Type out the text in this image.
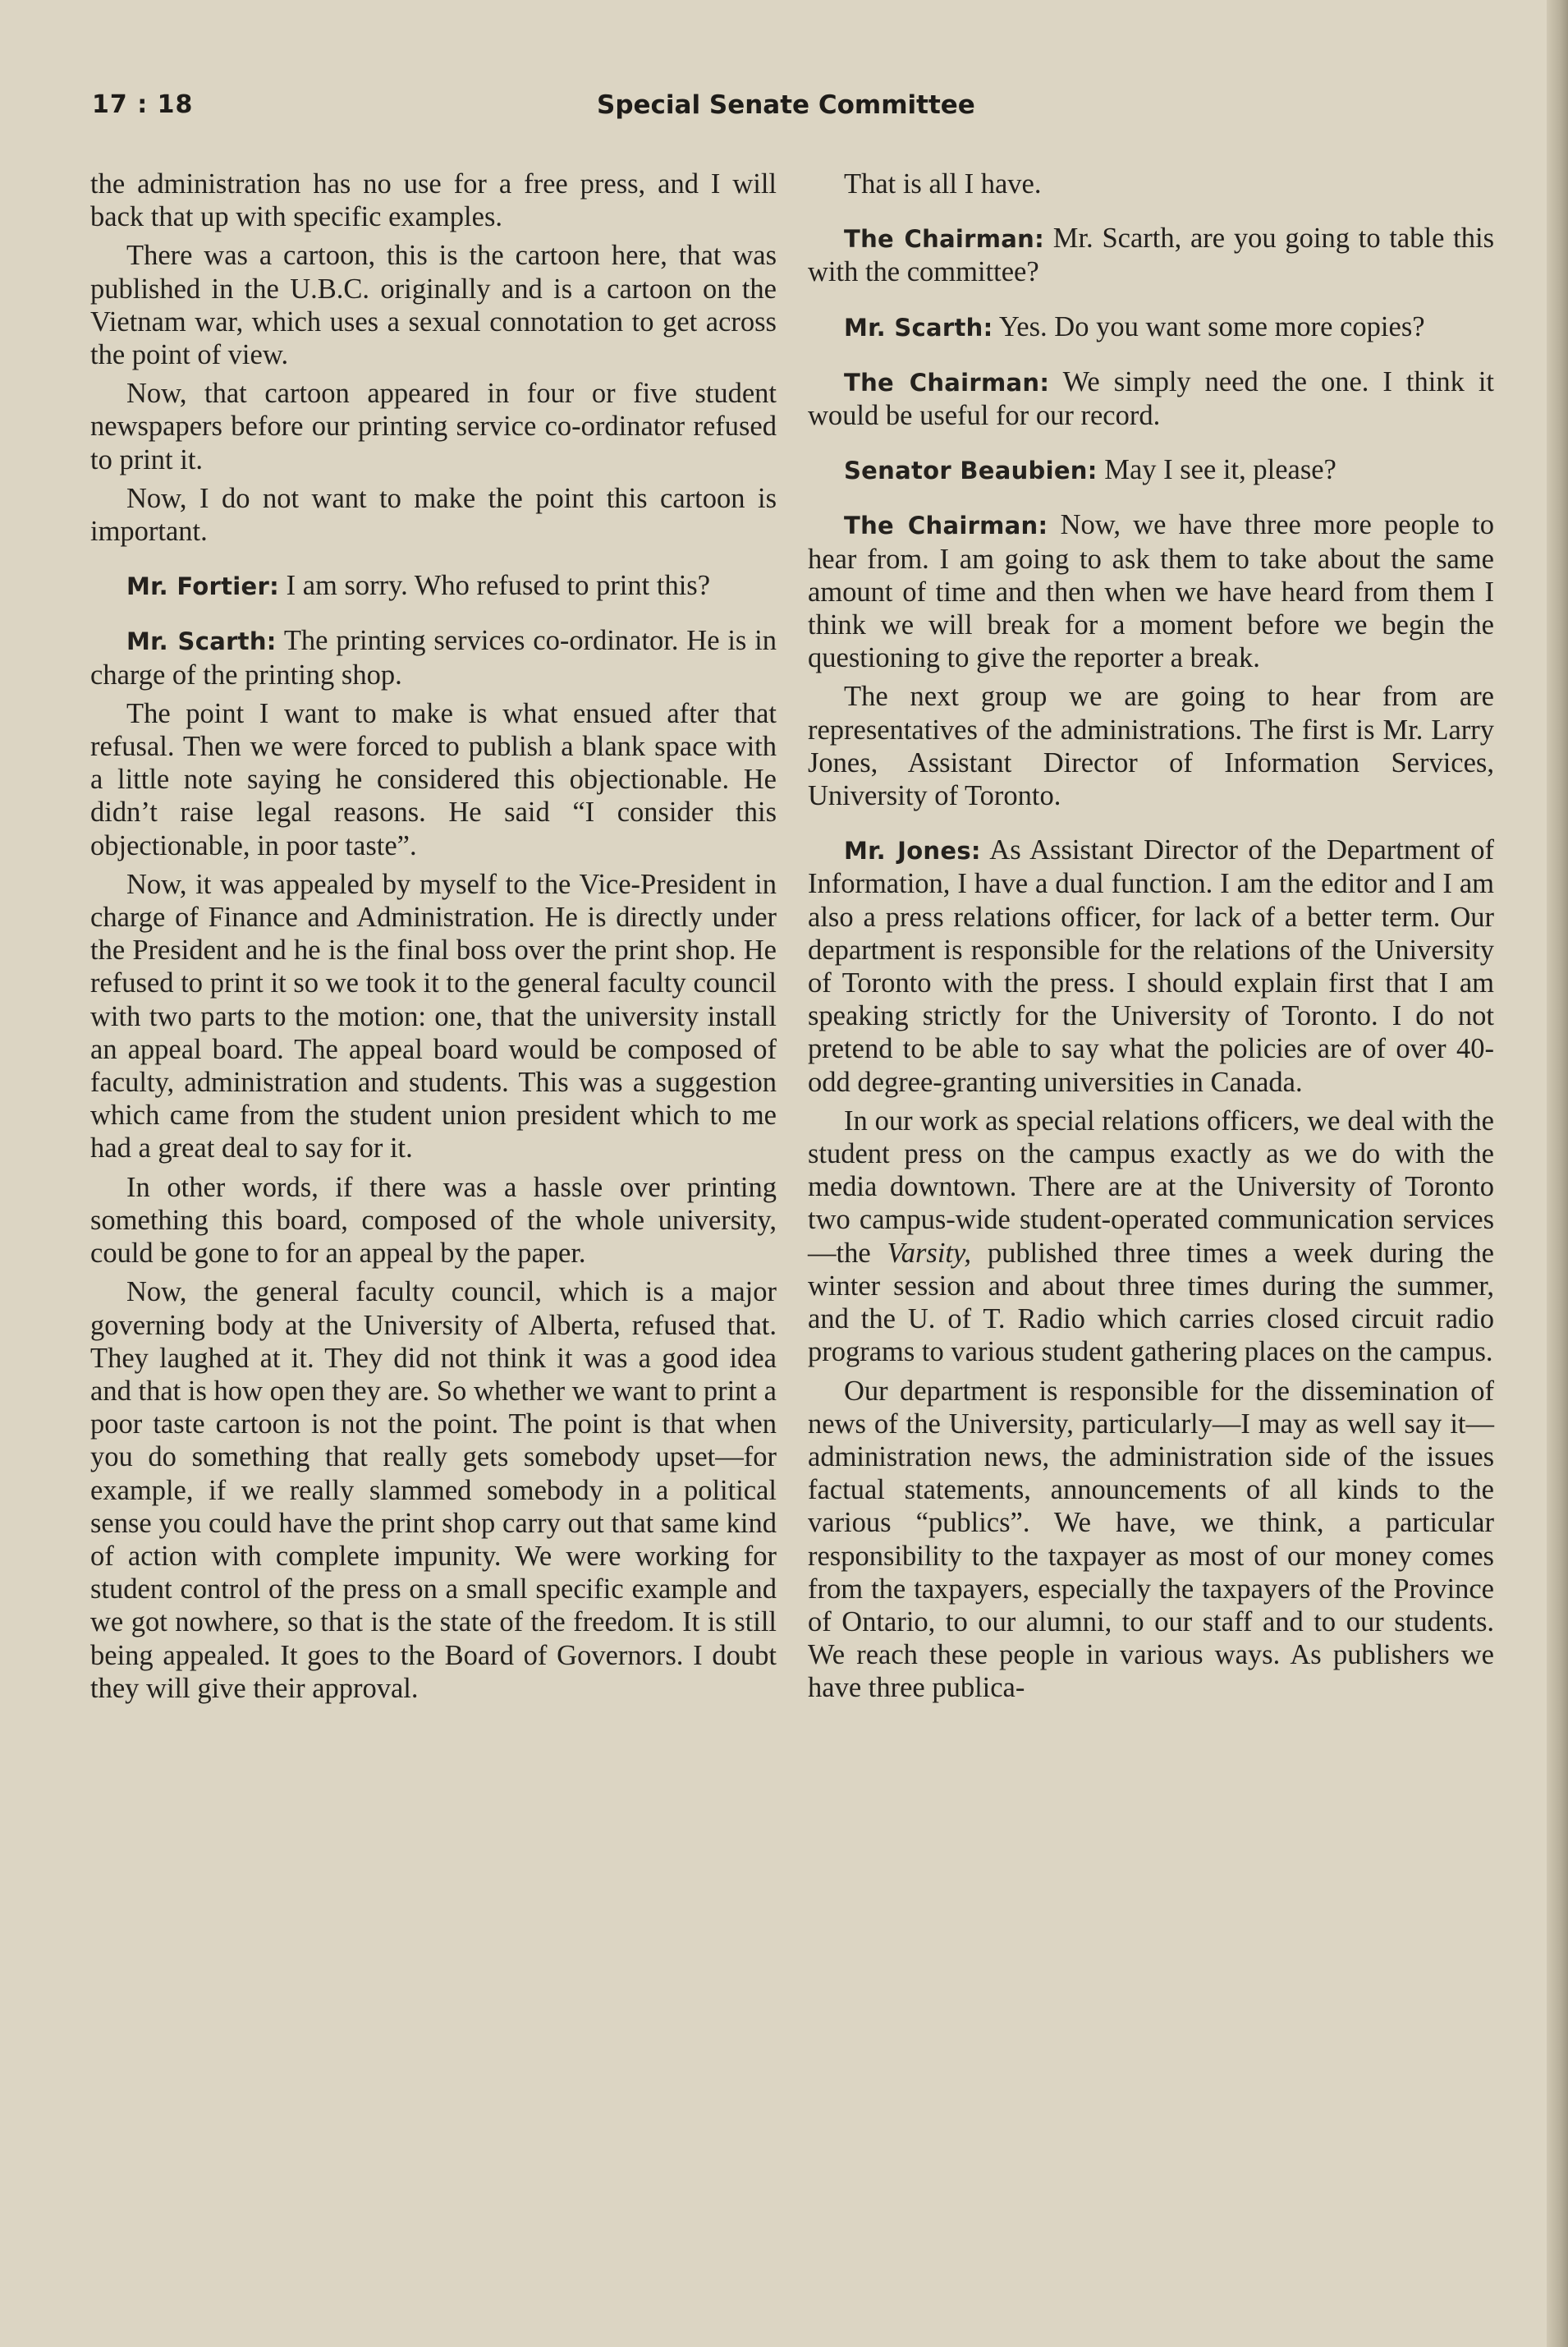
17 : 18	Special Senate Committee

the administration has no use for a free press, and I will back that up with specific examples.

There was a cartoon, this is the cartoon here, that was published in the U.B.C. originally and is a cartoon on the Vietnam war, which uses a sexual connotation to get across the point of view.

Now, that cartoon appeared in four or five student newspapers before our printing service co-ordinator refused to print it.

Now, I do not want to make the point this cartoon is important.

Mr. Fortier: I am sorry. Who refused to print this?

Mr. Scarth: The printing services co-ordinator. He is in charge of the printing shop.

The point I want to make is what ensued after that refusal. Then we were forced to publish a blank space with a little note saying he considered this objectionable. He didn’t raise legal reasons. He said “I consider this objectionable, in poor taste”.

Now, it was appealed by myself to the Vice-President in charge of Finance and Administration. He is directly under the President and he is the final boss over the print shop. He refused to print it so we took it to the general faculty council with two parts to the motion: one, that the university install an appeal board. The appeal board would be composed of faculty, administration and students. This was a suggestion which came from the student union president which to me had a great deal to say for it.

In other words, if there was a hassle over printing something this board, composed of the whole university, could be gone to for an appeal by the paper.

Now, the general faculty council, which is a major governing body at the University of Alberta, refused that. They laughed at it. They did not think it was a good idea and that is how open they are. So whether we want to print a poor taste cartoon is not the point. The point is that when you do something that really gets somebody upset—for example, if we really slammed somebody in a political sense you could have the print shop carry out that same kind of action with complete impunity. We were working for student control of the press on a small specific example and we got nowhere, so that is the state of the freedom. It is still being appealed. It goes to the Board of Governors. I doubt they will give their approval.

That is all I have.

The Chairman: Mr. Scarth, are you going to table this with the committee?

Mr. Scarth: Yes. Do you want some more copies?

The Chairman: We simply need the one. I think it would be useful for our record.

Senator Beaubien: May I see it, please?

The Chairman: Now, we have three more people to hear from. I am going to ask them to take about the same amount of time and then when we have heard from them I think we will break for a moment before we begin the questioning to give the reporter a break.

The next group we are going to hear from are representatives of the administrations. The first is Mr. Larry Jones, Assistant Director of Information Services, University of Toronto.

Mr. Jones: As Assistant Director of the Department of Information, I have a dual function. I am the editor and I am also a press relations officer, for lack of a better term. Our department is responsible for the relations of the University of Toronto with the press. I should explain first that I am speaking strictly for the University of Toronto. I do not pretend to be able to say what the policies are of over 40-odd degree-granting universities in Canada.

In our work as special relations officers, we deal with the student press on the campus exactly as we do with the media downtown. There are at the University of Toronto two campus-wide student-operated communication services—the Varsity, published three times a week during the winter session and about three times during the summer, and the U. of T. Radio which carries closed circuit radio programs to various student gathering places on the campus.

Our department is responsible for the dissemination of news of the University, particularly—I may as well say it—administration news, the administration side of the issues factual statements, announcements of all kinds to the various “publics”. We have, we think, a particular responsibility to the taxpayer as most of our money comes from the taxpayers, especially the taxpayers of the Province of Ontario, to our alumni, to our staff and to our students. We reach these people in various ways. As publishers we have three publica-
